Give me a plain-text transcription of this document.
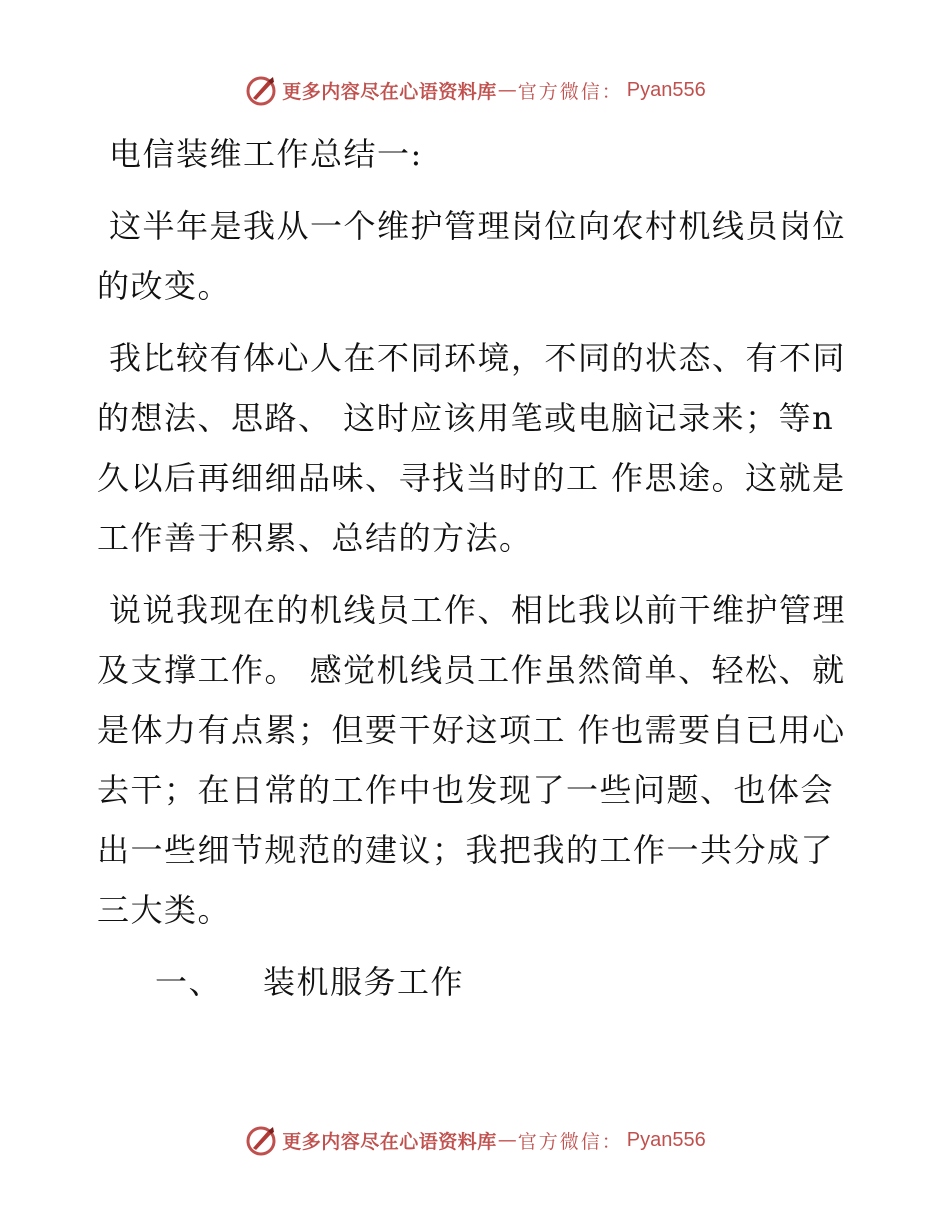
更多内容尽在心语资料库 — 官方微信： Pyan556

电信装维工作总结一:

这半年是我从一个维护管理岗位向农村机线员岗位的改变。

我比较有体心人在不同环境，不同的状态、有不同的想法、思路、 这时应该用笔或电脑记录来；等n 久以后再细细品味、寻找当时的工 作思途。这就是工作善于积累、总结的方法。

说说我现在的机线员工作、相比我以前干维护管理及支撑工作。 感觉机线员工作虽然简单、轻松、就是体力有点累；但要干好这项工 作也需要自已用心去干；在日常的工作中也发现了一些问题、也体会 出一些细节规范的建议；我把我的工作一共分成了三大类。

一、	装机服务工作
更多内容尽在心语资料库 — 官方微信： Pyan556
